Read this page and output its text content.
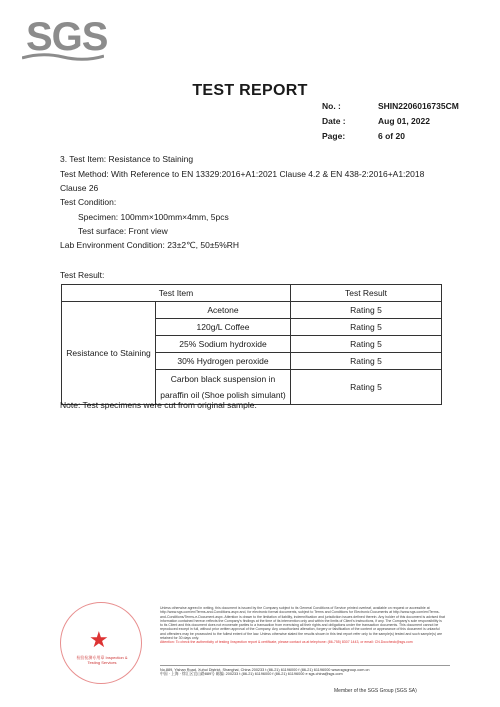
SGS
TEST REPORT
No. :	SHIN2206016735CM
Date :	Aug 01, 2022
Page:	6 of 20
3. Test Item: Resistance to Staining
Test Method: With Reference to EN 13329:2016+A1:2021 Clause 4.2 & EN 438-2:2016+A1:2018
Clause 26
Test Condition:
Specimen: 100mm×100mm×4mm, 5pcs
Test surface: Front view
Lab Environment Condition: 23±2℃, 50±5%RH
Test Result:
Test Item		Test Result
Resistance to Staining	Acetone	Rating 5
	120g/L Coffee	Rating 5
	25% Sodium hydroxide	Rating 5
	30% Hydrogen peroxide	Rating 5

	Carbon black suspension in
paraffin oil (Shoe polish simulant)	Rating 5
Note: Test specimens were cut from original sample.
★
检验检测专用章 Inspection & Testing Services
Unless otherwise agreed in writing, this document is issued by the Company subject to its General Conditions of Service printed overleaf, available on request or accessible at http://www.sgs.com/en/Terms-and-Conditions.aspx and, for electronic format documents, subject to Terms and Conditions for Electronic Documents at http://www.sgs.com/en/Terms-and-Conditions/Terms-e-Document.aspx. Attention is drawn to the limitation of liability, indemnification and jurisdiction issues defined therein. Any holder of this document is advised that information contained hereon reflects the Company's findings at the time of its intervention only and within the limits of Client's instructions, if any. The Company's sole responsibility is to its Client and this document does not exonerate parties to a transaction from exercising all their rights and obligations under the transaction documents. This document cannot be reproduced except in full, without prior written approval of the Company. Any unauthorized alteration, forgery or falsification of the content or appearance of this document is unlawful and offenders may be prosecuted to the fullest extent of the law. Unless otherwise stated the results shown in this test report refer only to the sample(s) tested and such sample(s) are retained for 30 days only.
Attention: To check the authenticity of testing /inspection report & certificate, please contact us at telephone: (86-755) 8307 1443, or email: CN.Doccheck@sgs.com
No.889, Yishan Road, Xuhui District, Shanghai, China 200233 t (86-21) 61196000 f (86-21) 61196000 www.sgsgroup.com.cn
中国 · 上海 · 徐汇区宜山路889号 邮编: 200233 t (86-21) 61196000 f (86-21) 61196000 e sgs.china@sgs.com
Member of the SGS Group (SGS SA)
